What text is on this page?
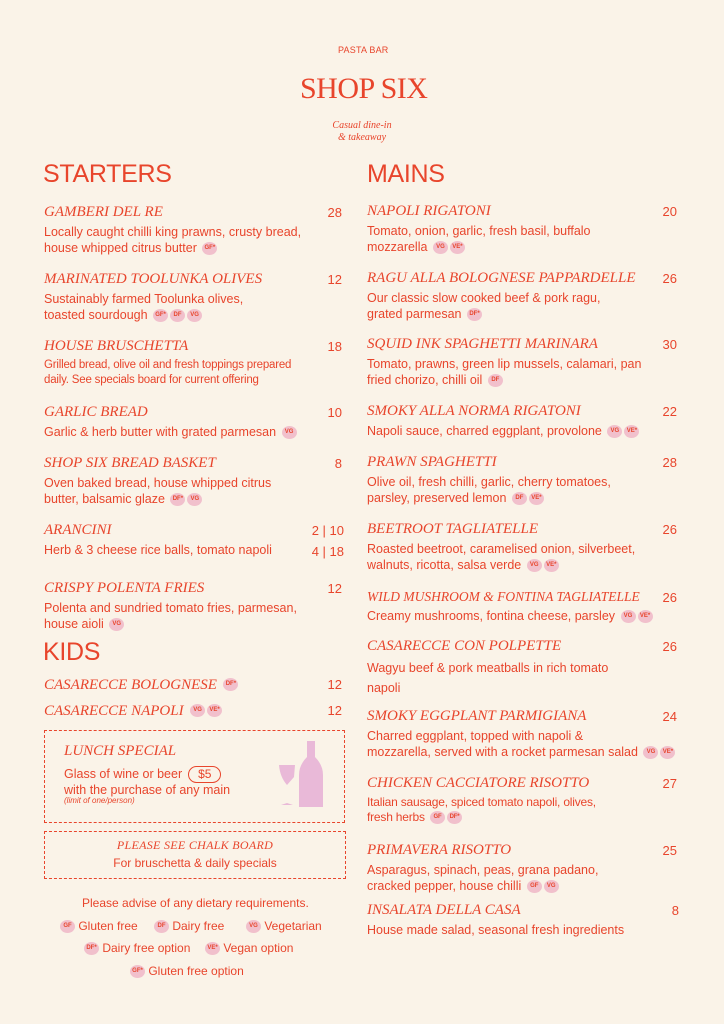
PASTA BAR
SHOP SIX
Casual dine-in
& takeaway
STARTERS	MAINS
KIDS
GAMBERI DEL RE	28
Locally caught chilli king prawns, crusty bread,
house whipped citrus butter GF*
MARINATED TOOLUNKA OLIVES	12
Sustainably farmed Toolunka olives,
toasted sourdough GF* DF VG
HOUSE BRUSCHETTA	18
Grilled bread, olive oil and fresh toppings prepared
daily. See specials board for current offering
GARLIC BREAD	10
Garlic & herb butter with grated parmesan VG
SHOP SIX BREAD BASKET	8
Oven baked bread, house whipped citrus
butter, balsamic glaze DF* VG
ARANCINI	2 | 10
4 | 18
Herb & 3 cheese rice balls, tomato napoli
CRISPY POLENTA FRIES	12
Polenta and sundried tomato fries, parmesan,
house aioli VG
CASARECCE BOLOGNESE DF*	12
CASARECCE NAPOLI VG VE*	12
LUNCH SPECIAL
Glass of wine or beer $5
with the purchase of any main
(limit of one/person)
PLEASE SEE CHALK BOARD
For bruschetta & daily specials
Please advise of any dietary requirements.
GF Gluten free	DF Dairy free	VG Vegetarian
DF* Dairy free option	VE* Vegan option
GF* Gluten free option
NAPOLI RIGATONI	20
Tomato, onion, garlic, fresh basil, buffalo
mozzarella VG VE*
RAGU ALLA BOLOGNESE PAPPARDELLE	26
Our classic slow cooked beef & pork ragu,
grated parmesan DF*
SQUID INK SPAGHETTI MARINARA	30
Tomato, prawns, green lip mussels, calamari, pan
fried chorizo, chilli oil DF
SMOKY ALLA NORMA RIGATONI	22
Napoli sauce, charred eggplant, provolone VG VE*
PRAWN SPAGHETTI	28
Olive oil, fresh chilli, garlic, cherry tomatoes,
parsley, preserved lemon DF VE*
BEETROOT TAGLIATELLE	26
Roasted beetroot, caramelised onion, silverbeet,
walnuts, ricotta, salsa verde VG VE*
WILD MUSHROOM & FONTINA TAGLIATELLE	26
Creamy mushrooms, fontina cheese, parsley VG VE*
CASARECCE CON POLPETTE	26
Wagyu beef & pork meatballs in rich tomato
napoli
SMOKY EGGPLANT PARMIGIANA	24
Charred eggplant, topped with napoli &
mozzarella, served with a rocket parmesan salad VG VE*
CHICKEN CACCIATORE RISOTTO	27
Italian sausage, spiced tomato napoli, olives,
fresh herbs GF DF*
PRIMAVERA RISOTTO	25
Asparagus, spinach, peas, grana padano,
cracked pepper, house chilli GF VG
INSALATA DELLA CASA	8
House made salad, seasonal fresh ingredients
